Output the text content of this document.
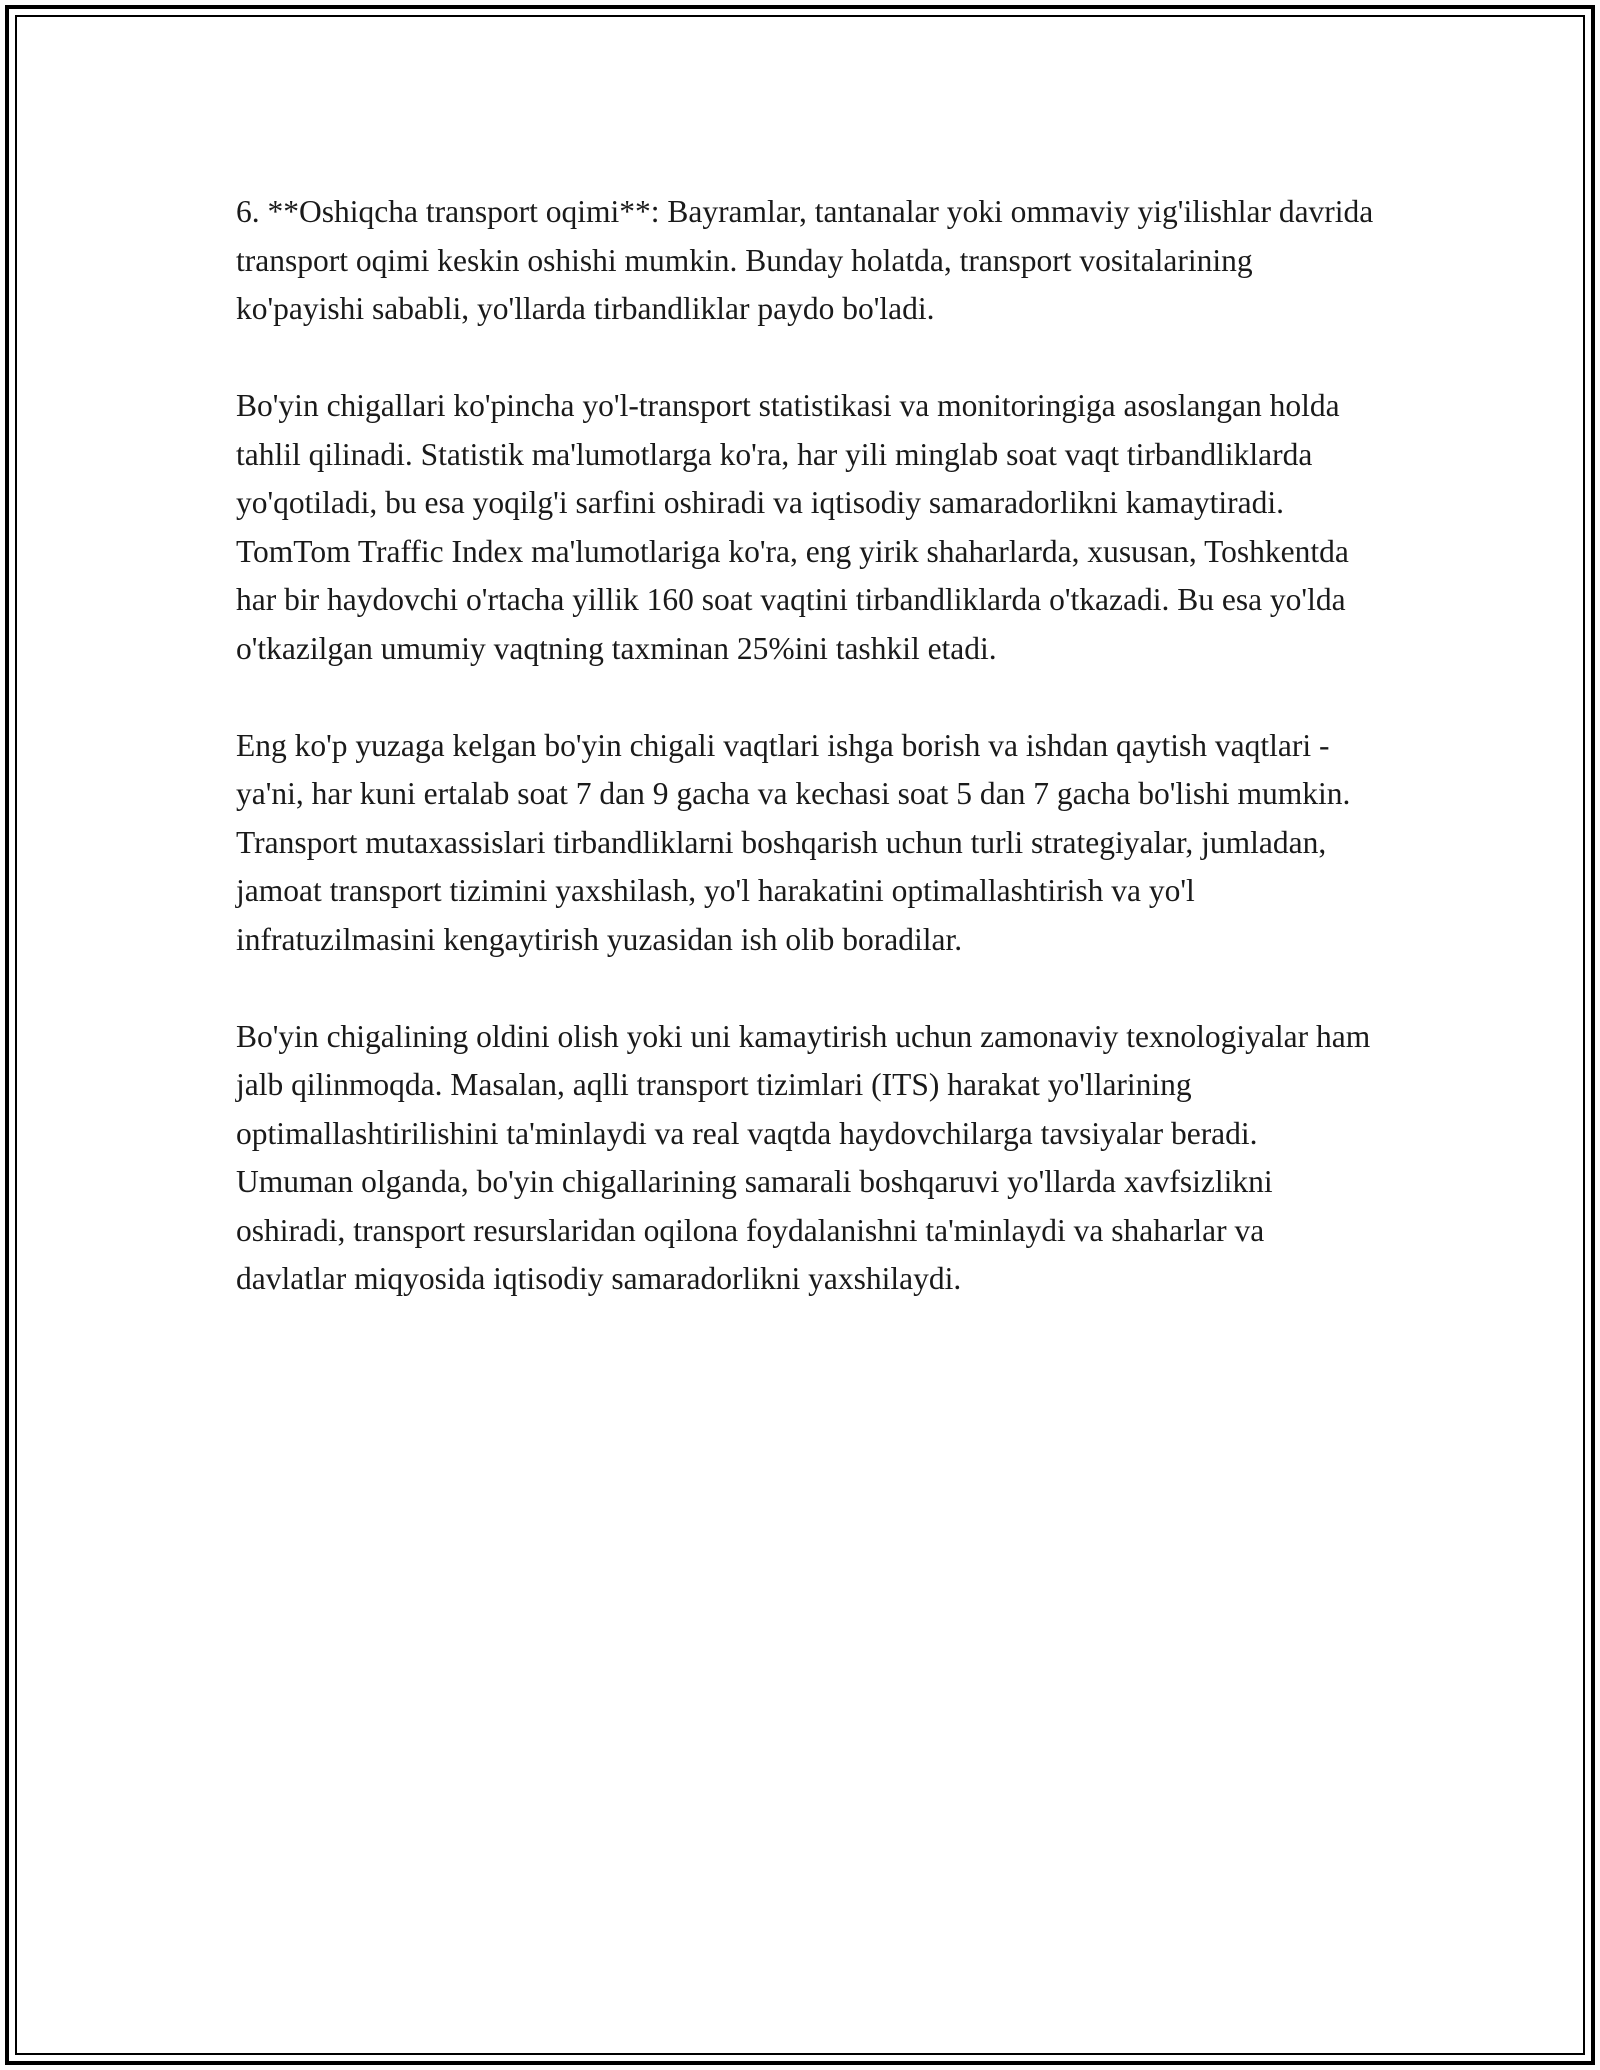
6. **Oshiqcha transport oqimi**: Bayramlar, tantanalar yoki ommaviy yig'ilishlar davrida transport oqimi keskin oshishi mumkin. Bunday holatda, transport vositalarining ko'payishi sababli, yo'llarda tirbandliklar paydo bo'ladi.

Bo'yin chigallari ko'pincha yo'l-transport statistikasi va monitoringiga asoslangan holda tahlil qilinadi. Statistik ma'lumotlarga ko'ra, har yili minglab soat vaqt tirbandliklarda yo'qotiladi, bu esa yoqilg'i sarfini oshiradi va iqtisodiy samaradorlikni kamaytiradi. TomTom Traffic Index ma'lumotlariga ko'ra, eng yirik shaharlarda, xususan, Toshkentda har bir haydovchi o'rtacha yillik 160 soat vaqtini tirbandliklarda o'tkazadi. Bu esa yo'lda o'tkazilgan umumiy vaqtning taxminan 25%ini tashkil etadi.

Eng ko'p yuzaga kelgan bo'yin chigali vaqtlari ishga borish va ishdan qaytish vaqtlari - ya'ni, har kuni ertalab soat 7 dan 9 gacha va kechasi soat 5 dan 7 gacha bo'lishi mumkin. Transport mutaxassislari tirbandliklarni boshqarish uchun turli strategiyalar, jumladan, jamoat transport tizimini yaxshilash, yo'l harakatini optimallashtirish va yo'l infratuzilmasini kengaytirish yuzasidan ish olib boradilar.

Bo'yin chigalining oldini olish yoki uni kamaytirish uchun zamonaviy texnologiyalar ham jalb qilinmoqda. Masalan, aqlli transport tizimlari (ITS) harakat yo'llarining optimallashtirilishini ta'minlaydi va real vaqtda haydovchilarga tavsiyalar beradi. Umuman olganda, bo'yin chigallarining samarali boshqaruvi yo'llarda xavfsizlikni oshiradi, transport resurslaridan oqilona foydalanishni ta'minlaydi va shaharlar va davlatlar miqyosida iqtisodiy samaradorlikni yaxshilaydi.
